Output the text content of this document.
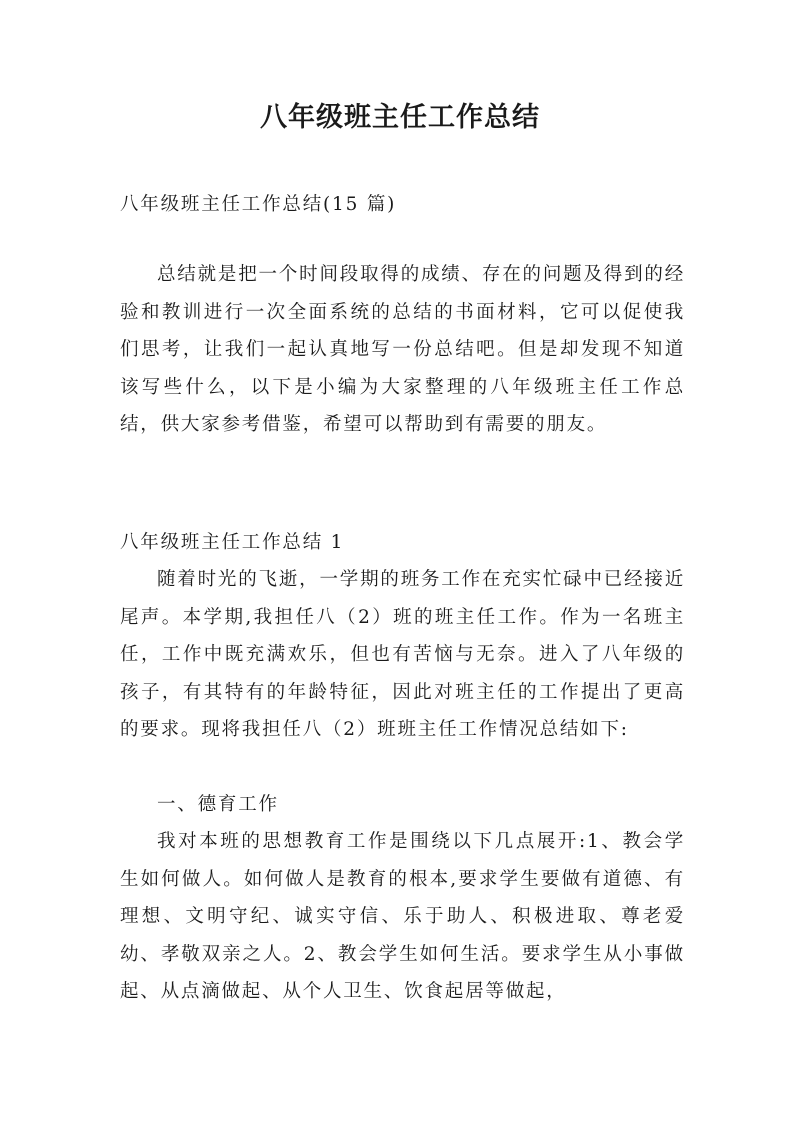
八年级班主任工作总结

八年级班主任工作总结(15 篇)

总结就是把一个时间段取得的成绩、存在的问题及得到的经验和教训进行一次全面系统的总结的书面材料，它可以促使我们思考，让我们一起认真地写一份总结吧。但是却发现不知道该写些什么，以下是小编为大家整理的八年级班主任工作总结，供大家参考借鉴，希望可以帮助到有需要的朋友。

八年级班主任工作总结 1

随着时光的飞逝，一学期的班务工作在充实忙碌中已经接近尾声。本学期,我担任八（2）班的班主任工作。作为一名班主任，工作中既充满欢乐，但也有苦恼与无奈。进入了八年级的孩子，有其特有的年龄特征，因此对班主任的工作提出了更高的要求。现将我担任八（2）班班主任工作情况总结如下:

一、德育工作

我对本班的思想教育工作是围绕以下几点展开:1、教会学生如何做人。如何做人是教育的根本,要求学生要做有道德、有理想、文明守纪、诚实守信、乐于助人、积极进取、尊老爱幼、孝敬双亲之人。2、教会学生如何生活。要求学生从小事做起、从点滴做起、从个人卫生、饮食起居等做起，
